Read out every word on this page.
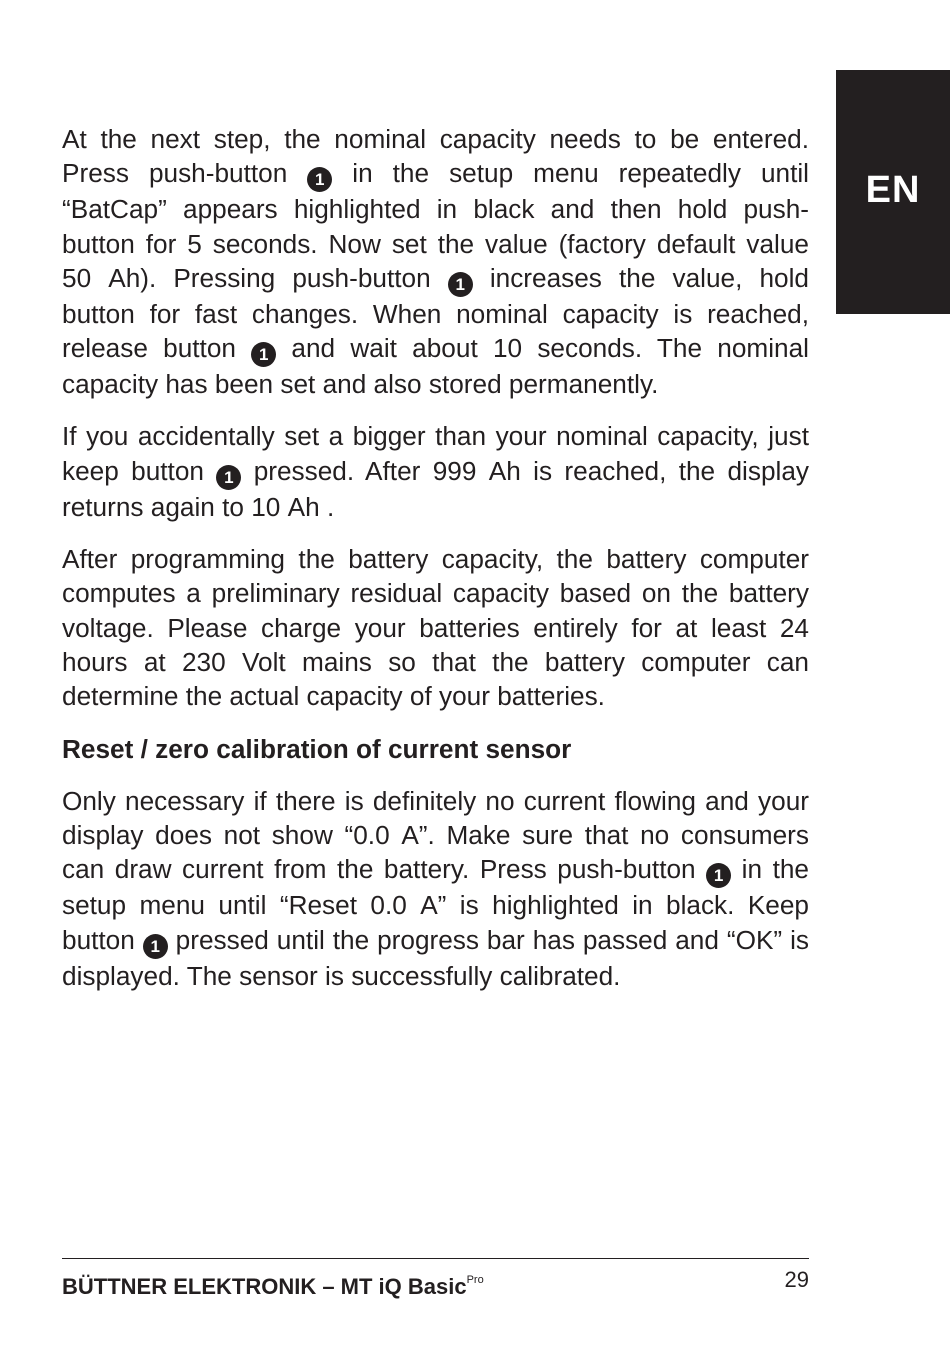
EN

At the next step, the nominal capacity needs to be entered. Press push-button 1 in the setup menu repeatedly until “BatCap” appears highlighted in black and then hold push-button for 5 seconds. Now set the value (factory default value 50 Ah). Pressing push-button 1 increases the value, hold button for fast changes. When nominal capacity is reached, release button 1 and wait about 10 seconds. The nominal capacity has been set and also stored permanently.

If you accidentally set a bigger than your nominal capacity, just keep button 1 pressed. After 999 Ah is reached, the display returns again to 10 Ah .

After programming the battery capacity, the battery computer computes a preliminary residual capacity based on the battery voltage. Please charge your batteries entirely for at least 24 hours at 230 Volt mains so that the battery computer can determine the actual capacity of your batteries.

Reset / zero calibration of current sensor

Only necessary if there is definitely no current flowing and your display does not show “0.0 A”. Make sure that no consumers can draw current from the battery. Press push-button 1 in the setup menu until “Reset 0.0 A” is highlighted in black. Keep button 1 pressed until the progress bar has passed and “OK” is displayed. The sensor is successfully calibrated.

BÜTTNER ELEKTRONIK – MT iQ Basic$^{Pro}$	29
